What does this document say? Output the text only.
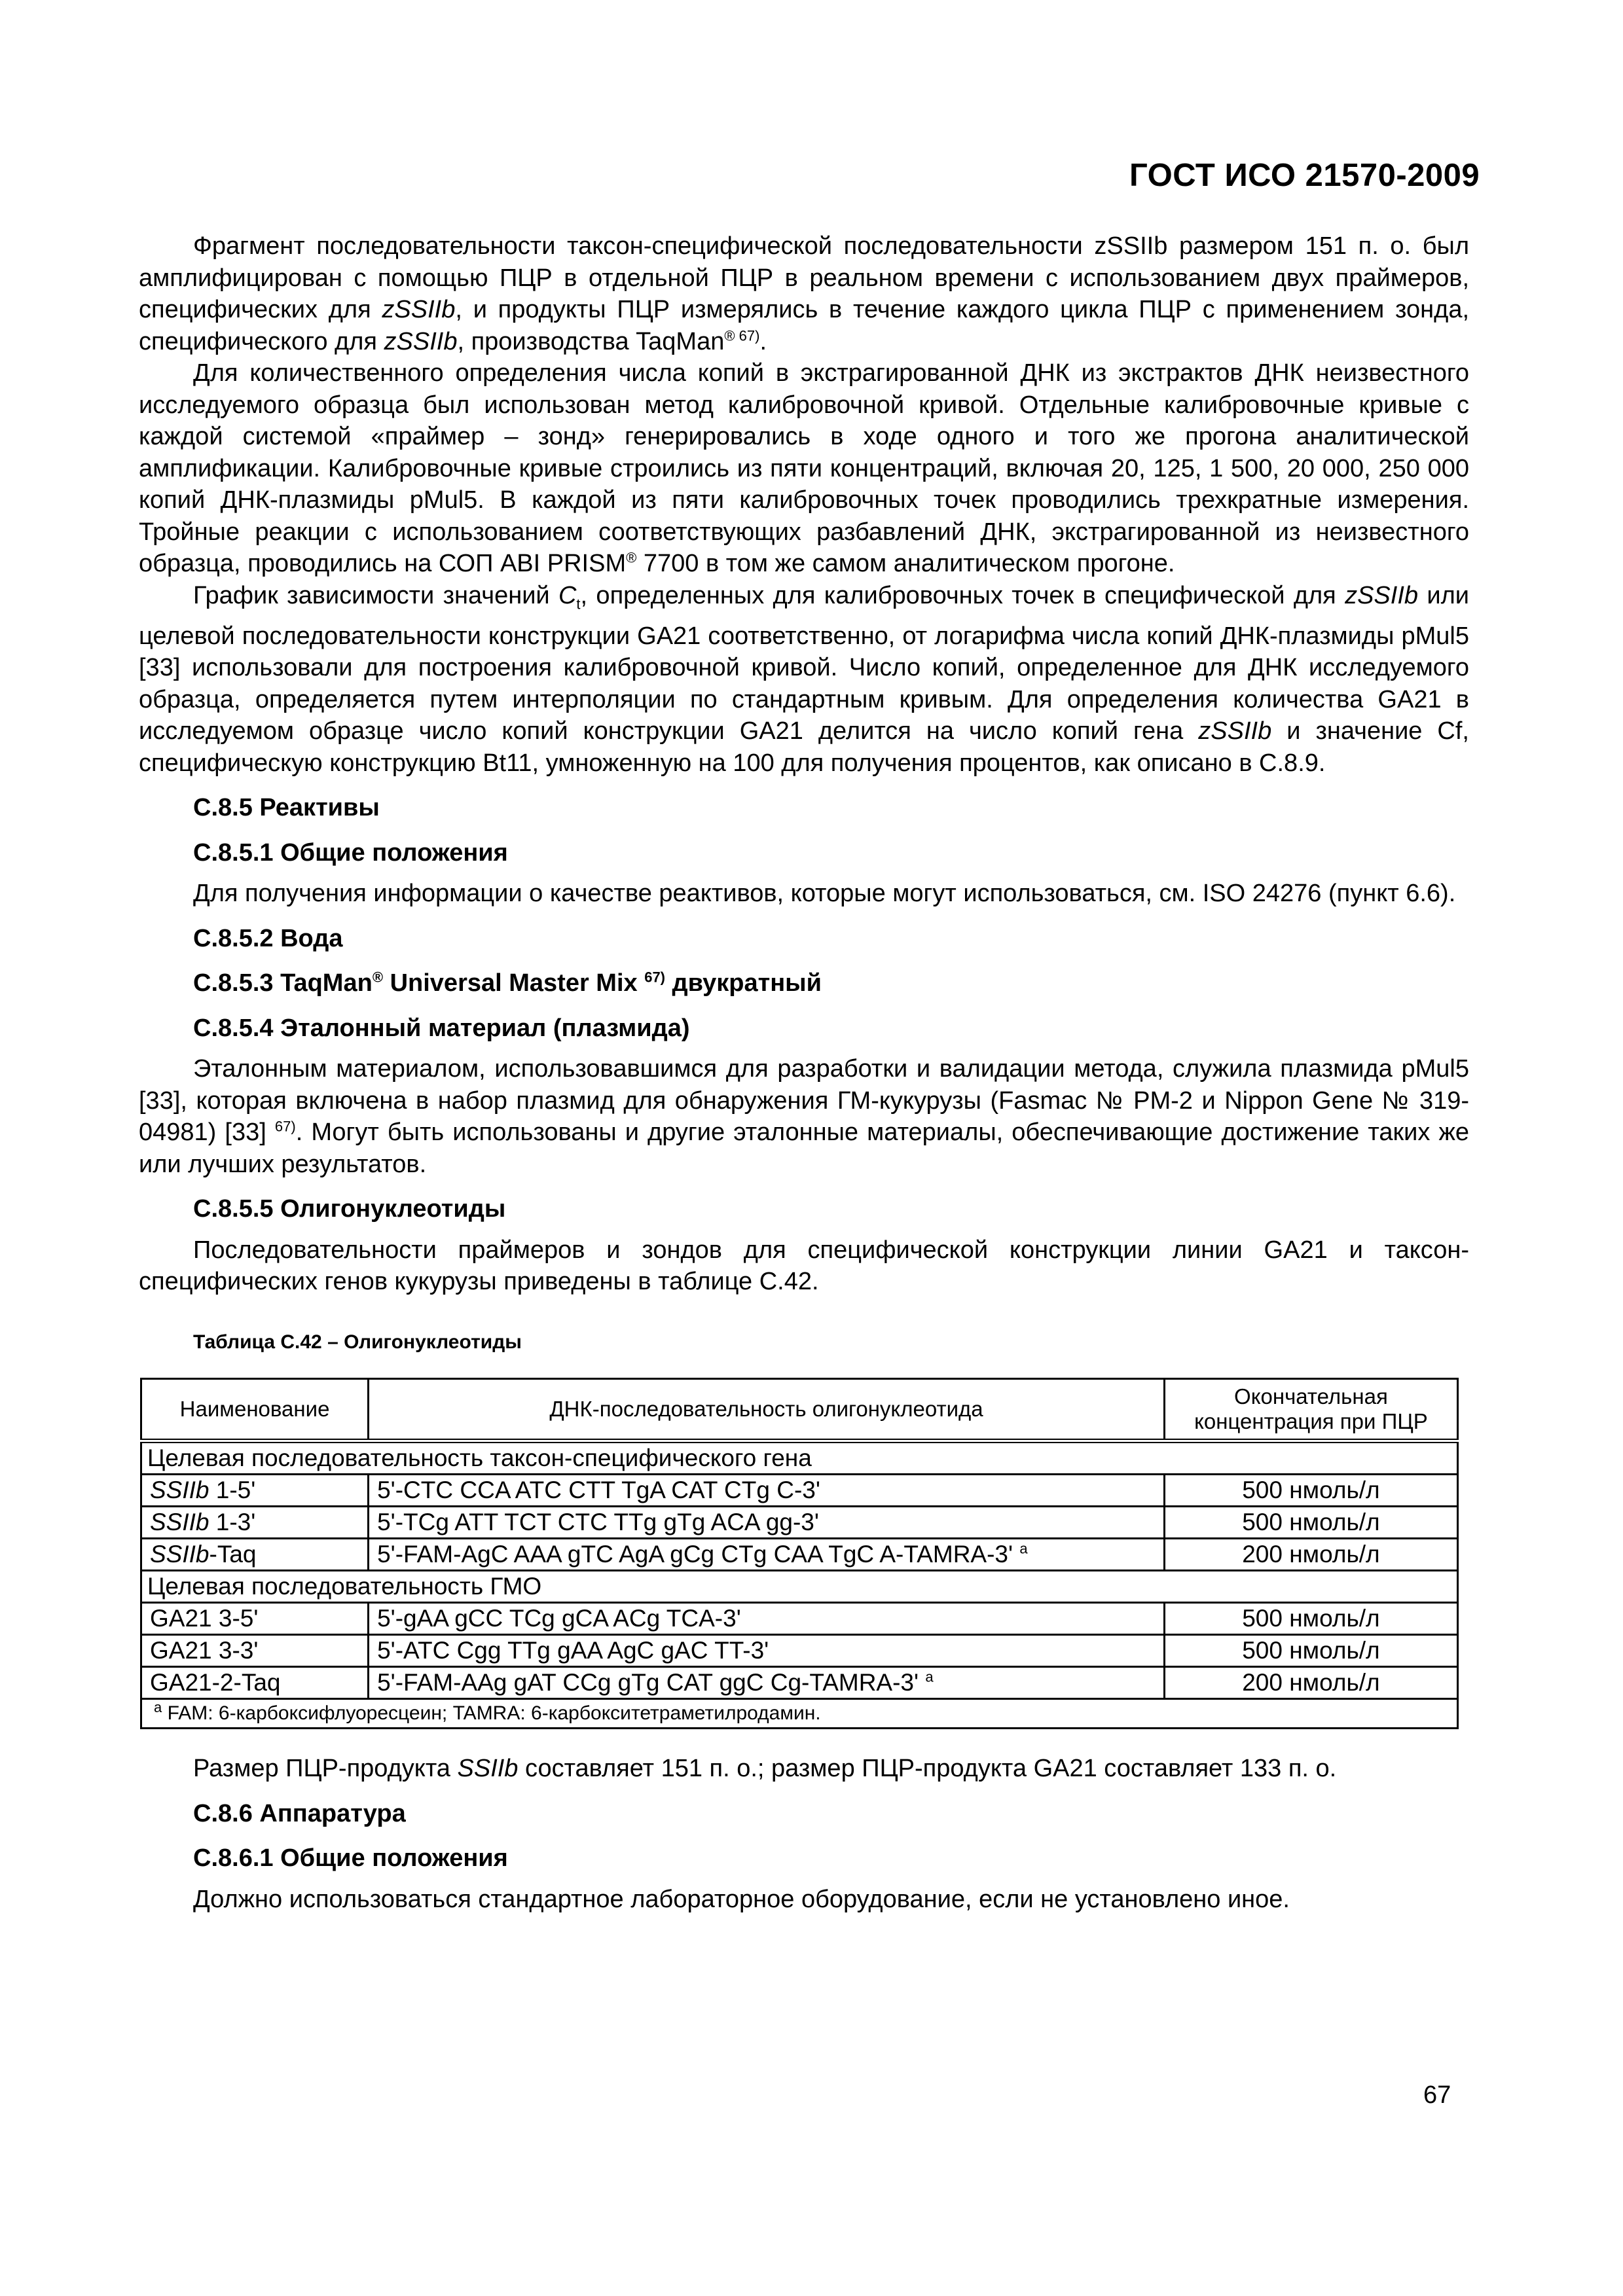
ГОСТ ИСО 21570-2009

Фрагмент последовательности таксон-специфической последовательности zSSIIb размером 151 п. о. был амплифицирован с помощью ПЦР в отдельной ПЦР в реальном времени с использованием двух праймеров, специфических для zSSIIb, и продукты ПЦР измерялись в течение каждого цикла ПЦР с применением зонда, специфического для zSSIIb, производства TaqMan$^{® 67)}$.

Для количественного определения числа копий в экстрагированной ДНК из экстрактов ДНК неизвестного исследуемого образца был использован метод калибровочной кривой. Отдельные калибровочные кривые с каждой системой «праймер – зонд» генерировались в ходе одного и того же прогона аналитической амплификации. Калибровочные кривые строились из пяти концентраций, включая 20, 125, 1 500, 20 000, 250 000 копий ДНК-плазмиды pMul5. В каждой из пяти калибровочных точек проводились трехкратные измерения. Тройные реакции с использованием соответствующих разбавлений ДНК, экстрагированной из неизвестного образца, проводились на СОП ABI PRISM® 7700 в том же самом аналитическом прогоне.

График зависимости значений $C_t$, определенных для калибровочных точек в специфической для zSSIIb или целевой последовательности конструкции GA21 соответственно, от логарифма числа копий ДНК-плазмиды pMul5 [33] использовали для построения калибровочной кривой. Число копий, определенное для ДНК исследуемого образца, определяется путем интерполяции по стандартным кривым. Для определения количества GA21 в исследуемом образце число копий конструкции GA21 делится на число копий гена zSSIIb и значение Cf, специфическую конструкцию Bt11, умноженную на 100 для получения процентов, как описано в C.8.9.

C.8.5 Реактивы
C.8.5.1 Общие положения

Для получения информации о качестве реактивов, которые могут использоваться, см. ISO 24276 (пункт 6.6).

C.8.5.2 Вода
C.8.5.3 TaqMan® Universal Master Mix $^{67)}$ двукратный
C.8.5.4 Эталонный материал (плазмида)

Эталонным материалом, использовавшимся для разработки и валидации метода, служила плазмида pMul5 [33], которая включена в набор плазмид для обнаружения ГМ-кукурузы (Fasmac № PM-2 и Nippon Gene № 319-04981) [33] $^{67)}$. Могут быть использованы и другие эталонные материалы, обеспечивающие достижение таких же или лучших результатов.

C.8.5.5 Олигонуклеотиды

Последовательности праймеров и зондов для специфической конструкции линии GA21 и таксон-специфических генов кукурузы приведены в таблице C.42.

Таблица C.42 – Олигонуклеотиды
Наименование	ДНК-последовательность олигонуклеотида	Окончательная концентрация при ПЦР
Целевая последовательность таксон-специфического гена		
SSIIb 1-5'	5'-CTC CCA ATC CTT TgA CAT CTg C-3'	500 нмоль/л
SSIIb 1-3'	5'-TCg ATT TCT CTC TTg gTg ACA gg-3'	500 нмоль/л
SSIIb-Taq	5'-FAM-AgC AAA gTC AgA gCg CTg CAA TgC A-TAMRA-3' $^a$	200 нмоль/л
Целевая последовательность ГМО		
GA21 3-5'	5'-gAA gCC TCg gCA ACg TCA-3'	500 нмоль/л
GA21 3-3'	5'-ATC Cgg TTg gAA AgC gAC TT-3'	500 нмоль/л
GA21-2-Taq	5'-FAM-AAg gAT CCg gTg CAT ggC Cg-TAMRA-3' $^a$	200 нмоль/л
$^a$ FAM: 6-карбоксифлуоресцеин; TAMRA: 6-карбокситетраметилродамин.		

Размер ПЦР-продукта SSIIb составляет 151 п. о.; размер ПЦР-продукта GA21 составляет 133 п. о.

C.8.6 Аппаратура
C.8.6.1 Общие положения

Должно использоваться стандартное лабораторное оборудование, если не установлено иное.

67
